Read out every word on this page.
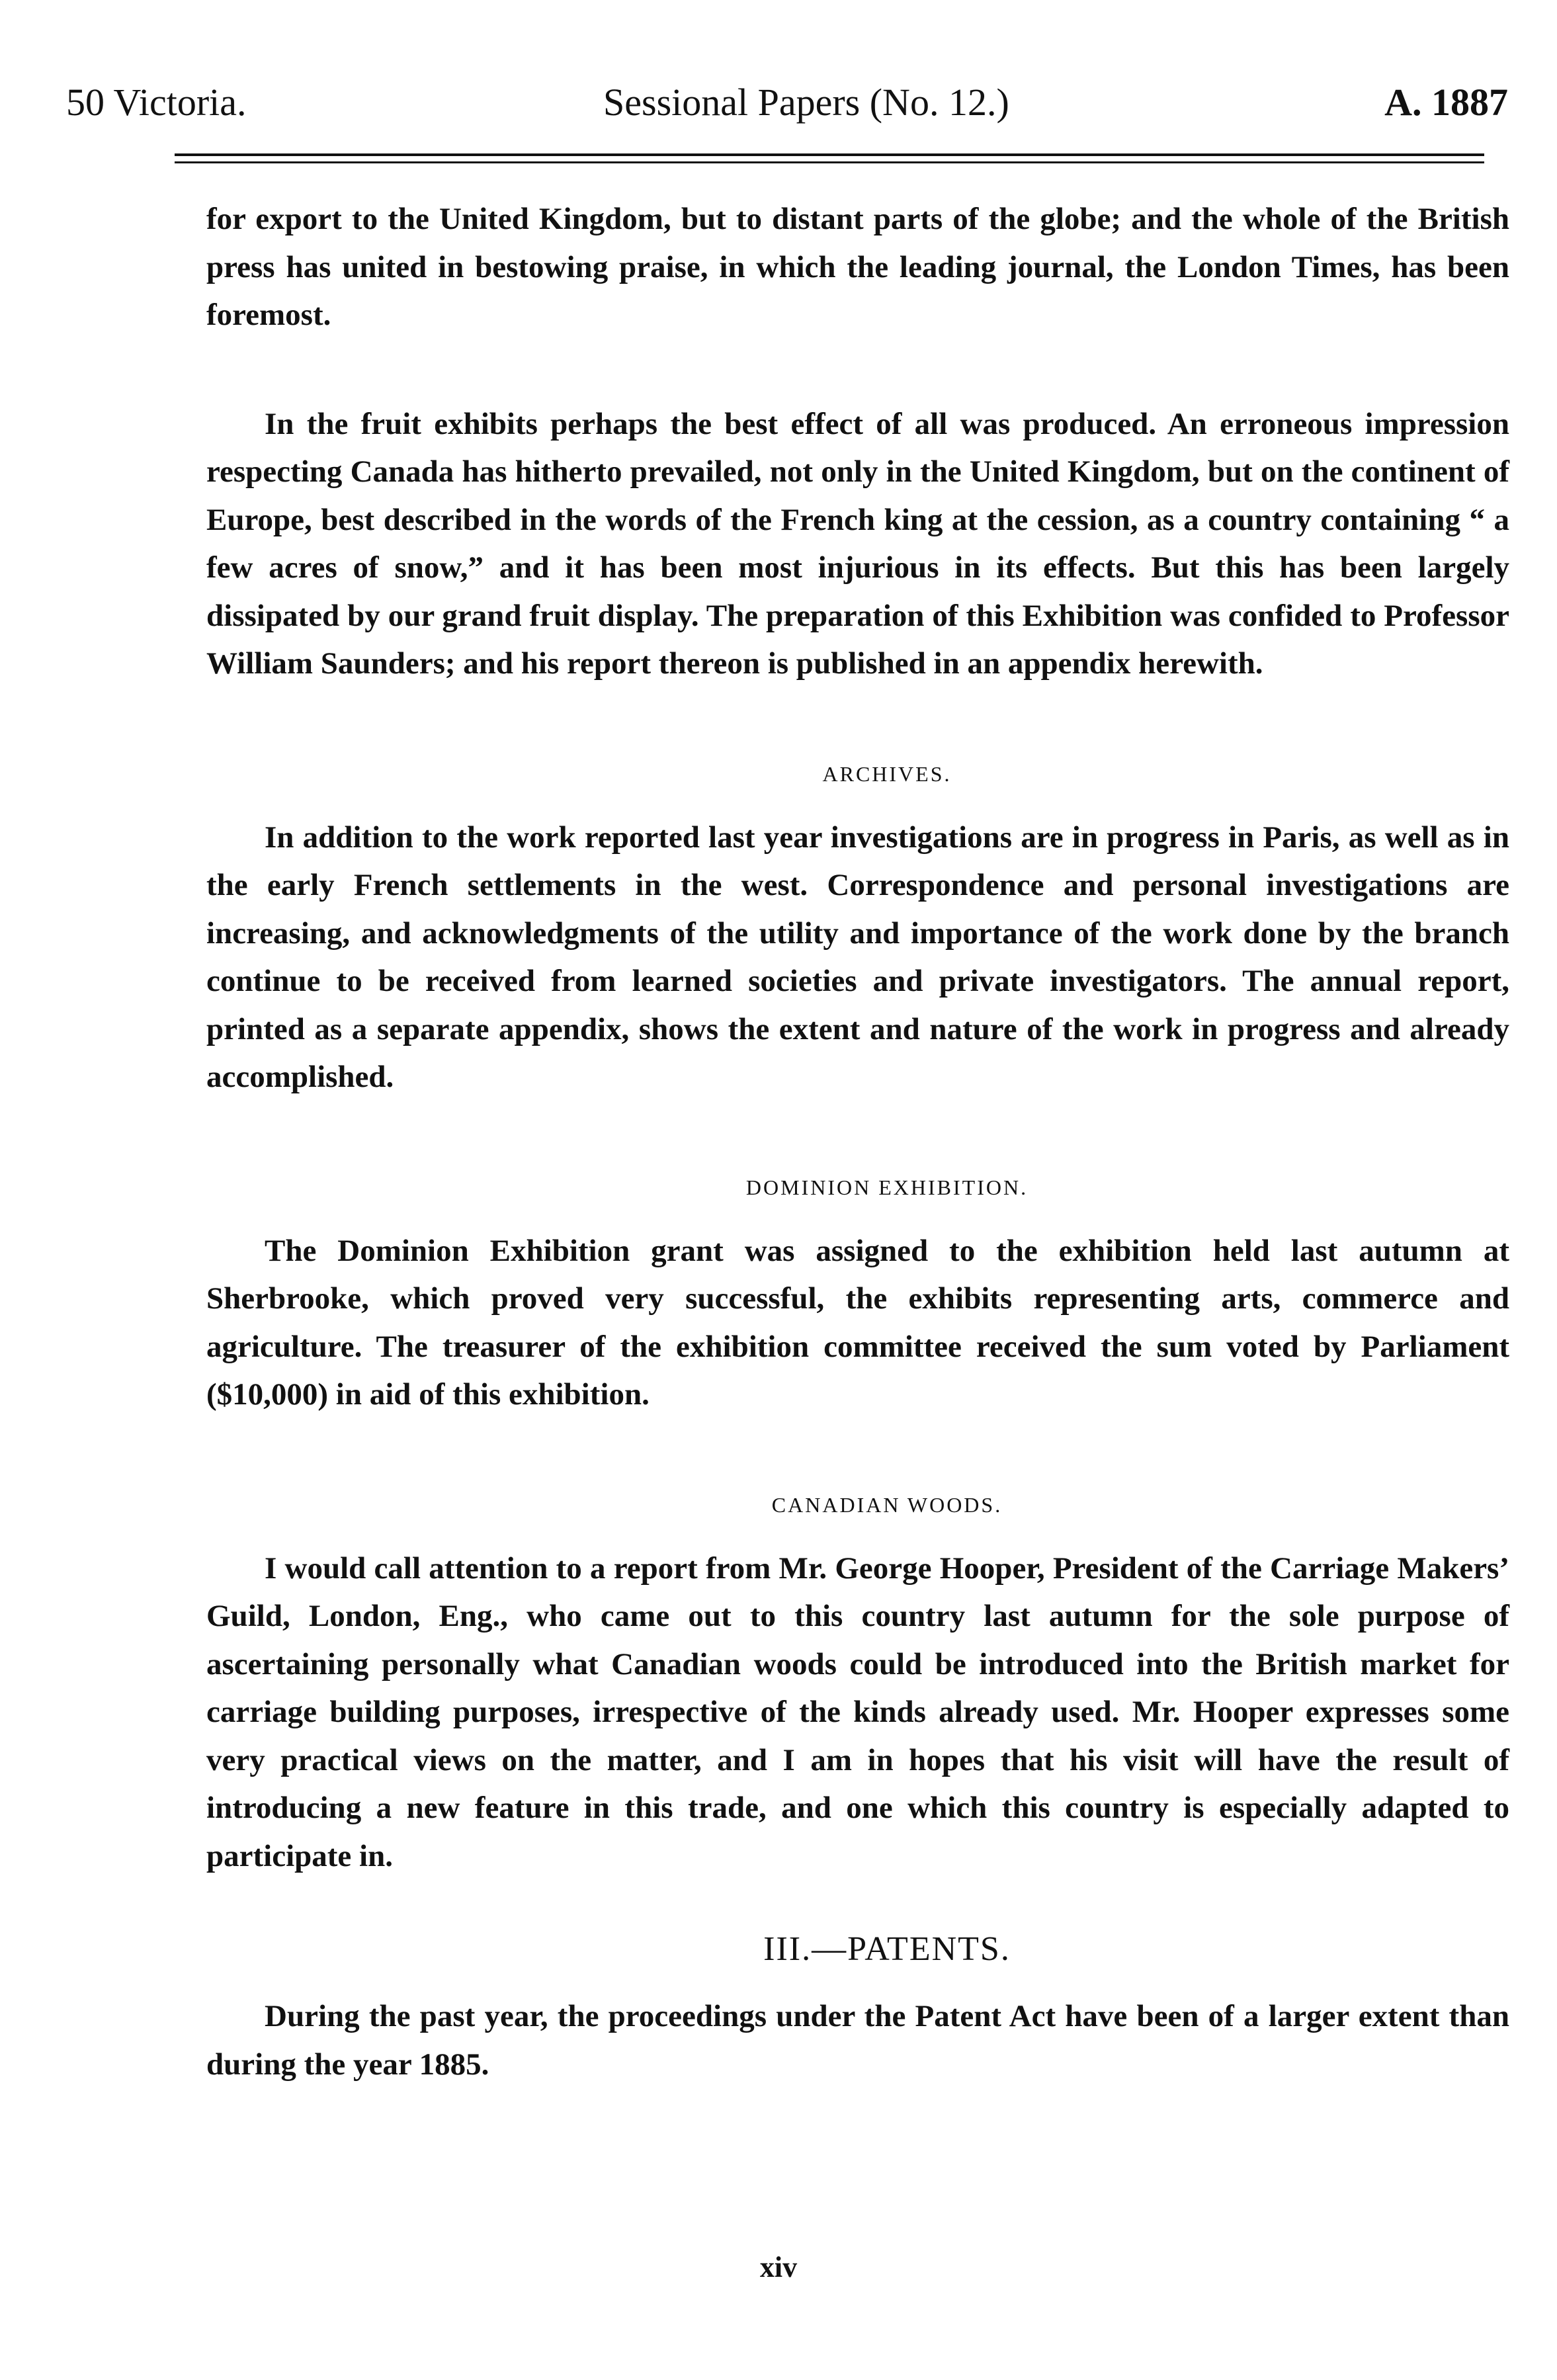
50 Victoria.	Sessional Papers (No. 12.)	A. 1887

for export to the United Kingdom, but to distant parts of the globe; and the whole of the British press has united in bestowing praise, in which the leading journal, the London Times, has been foremost.

In the fruit exhibits perhaps the best effect of all was produced. An erroneous impression respecting Canada has hitherto prevailed, not only in the United Kingdom, but on the continent of Europe, best described in the words of the French king at the cession, as a country containing “ a few acres of snow,” and it has been most injurious in its effects. But this has been largely dissipated by our grand fruit display. The preparation of this Exhibition was confided to Professor William Saunders; and his report thereon is published in an appendix herewith.

ARCHIVES.

In addition to the work reported last year investigations are in progress in Paris, as well as in the early French settlements in the west. Correspondence and personal investigations are increasing, and acknowledgments of the utility and importance of the work done by the branch continue to be received from learned societies and private investigators. The annual report, printed as a separate appendix, shows the extent and nature of the work in progress and already accomplished.

DOMINION EXHIBITION.

The Dominion Exhibition grant was assigned to the exhibition held last autumn at Sherbrooke, which proved very successful, the exhibits representing arts, commerce and agriculture. The treasurer of the exhibition committee received the sum voted by Parliament ($10,000) in aid of this exhibition.

CANADIAN WOODS.

I would call attention to a report from Mr. George Hooper, President of the Carriage Makers’ Guild, London, Eng., who came out to this country last autumn for the sole purpose of ascertaining personally what Canadian woods could be introduced into the British market for carriage building purposes, irrespective of the kinds already used. Mr. Hooper expresses some very practical views on the matter, and I am in hopes that his visit will have the result of introducing a new feature in this trade, and one which this country is especially adapted to participate in.

III.—PATENTS.

During the past year, the proceedings under the Patent Act have been of a larger extent than during the year 1885.

xiv
